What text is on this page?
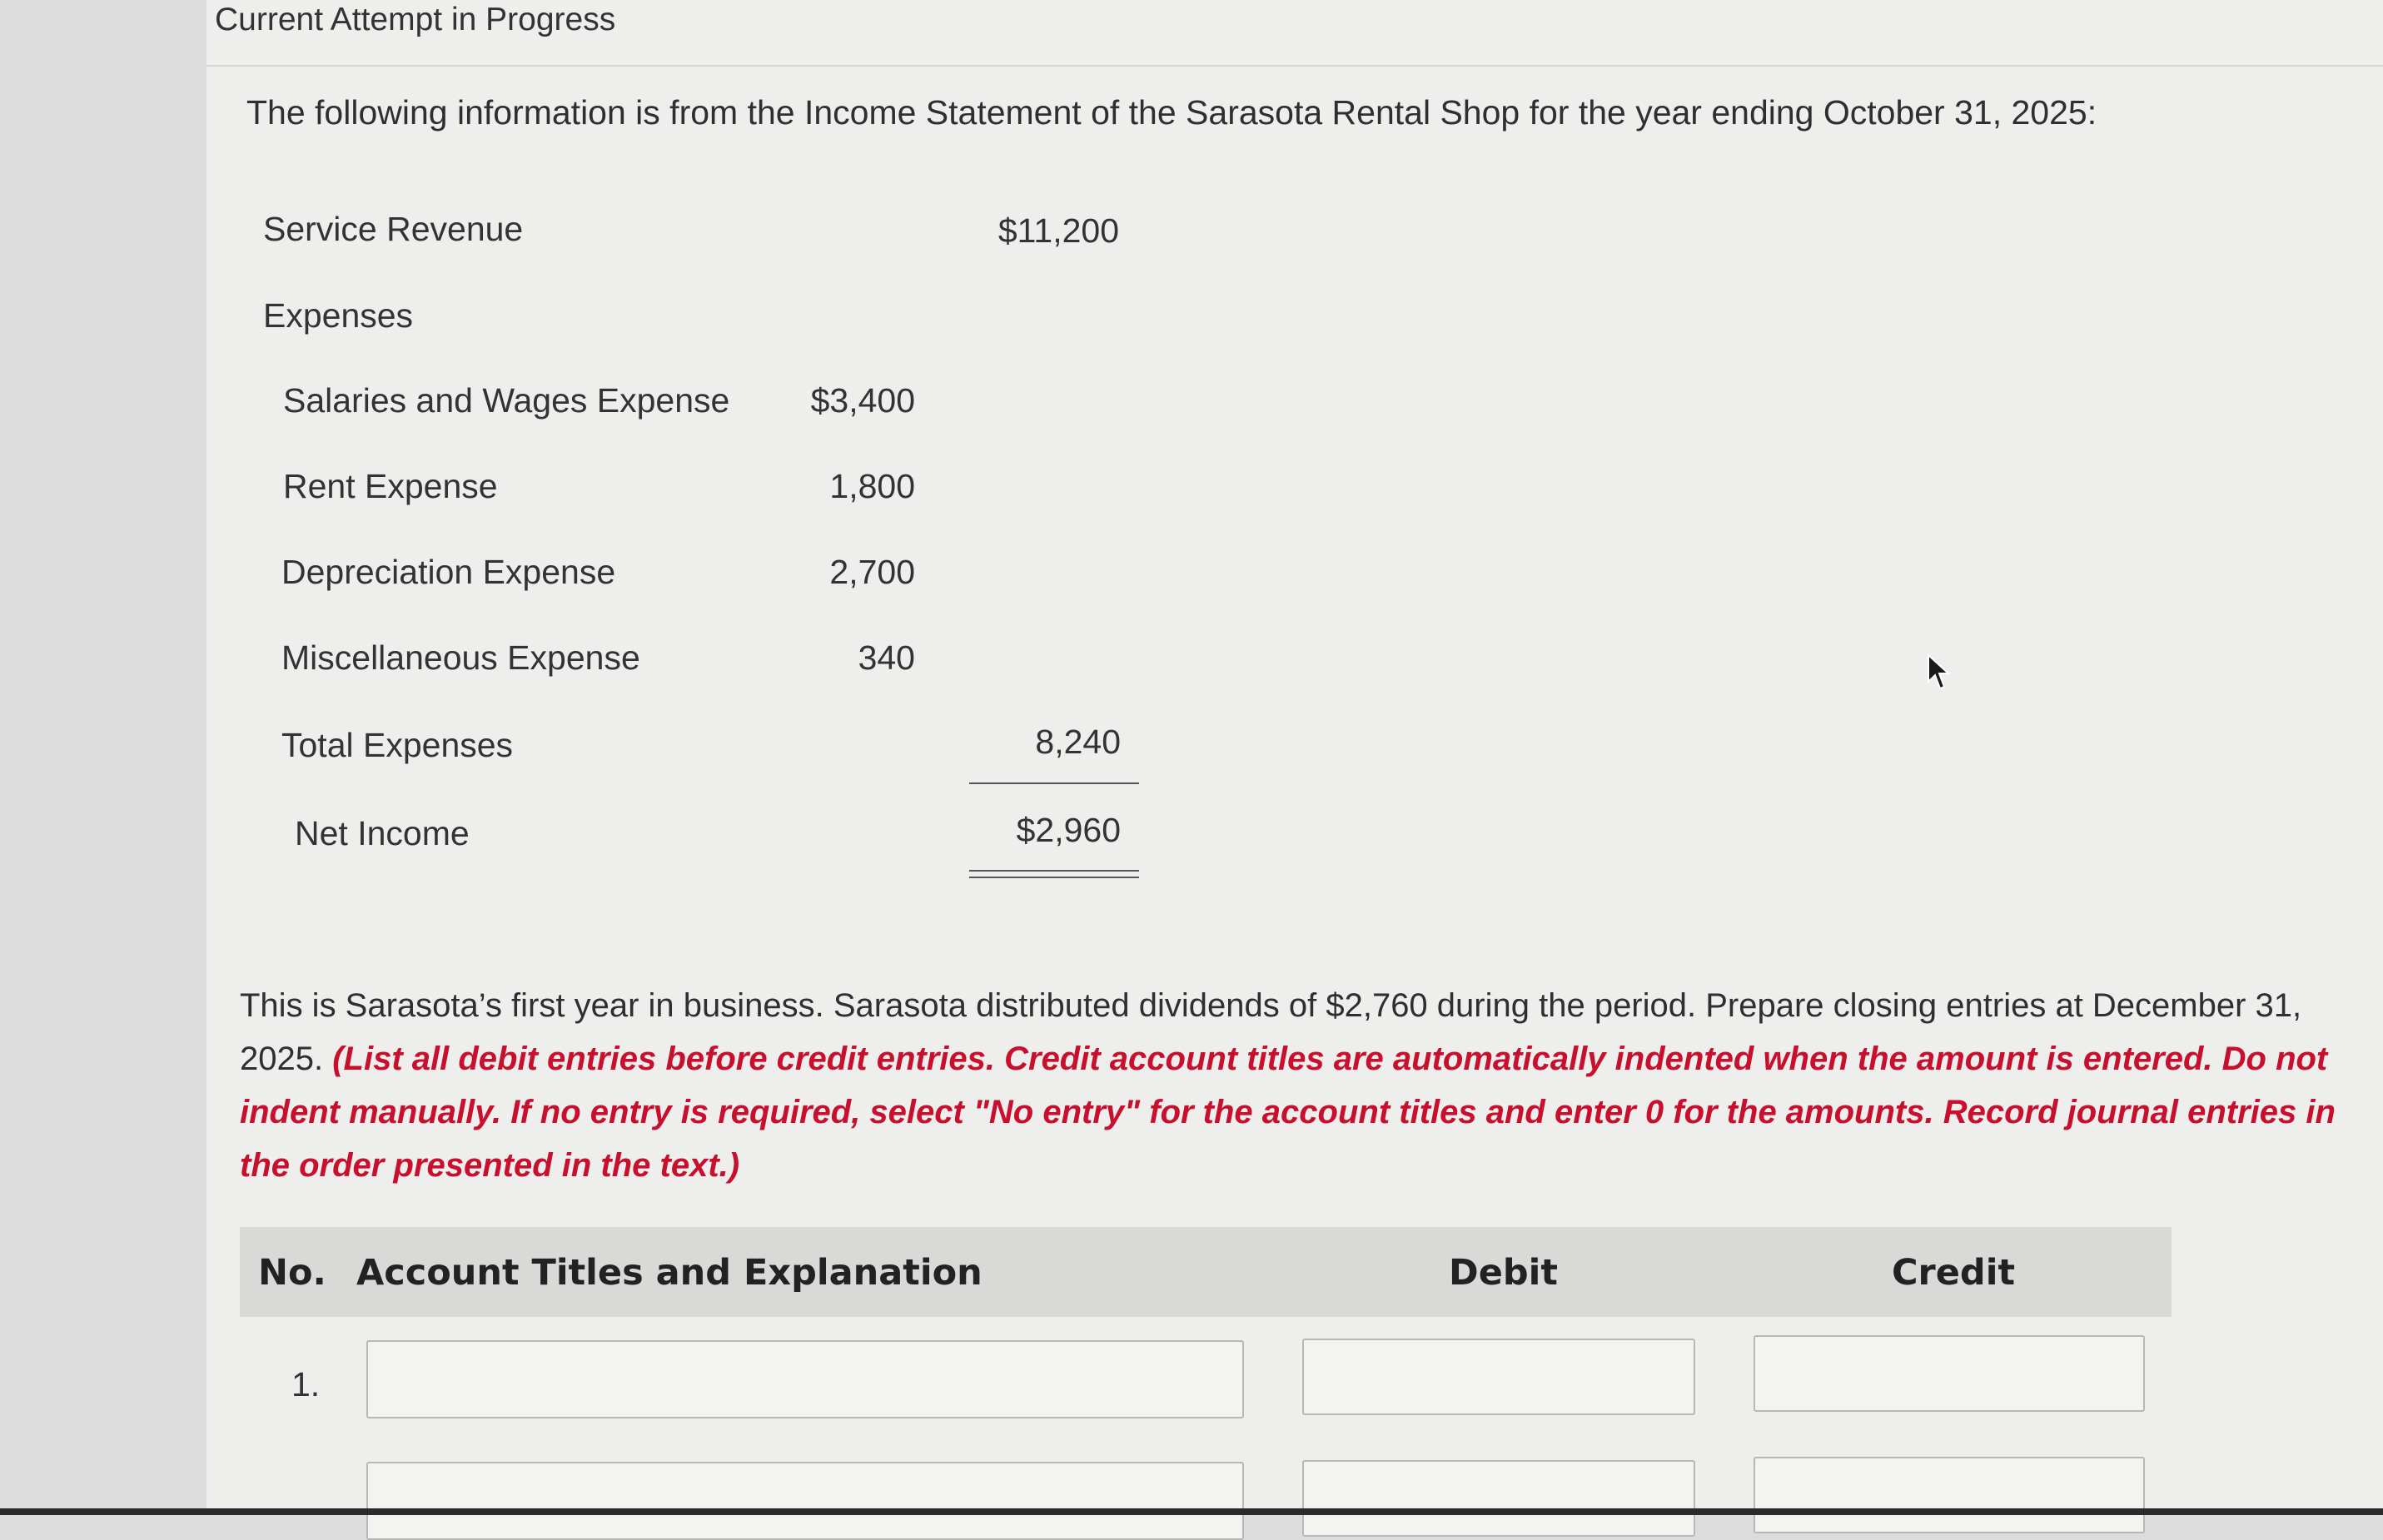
Current Attempt in Progress
The following information is from the Income Statement of the Sarasota Rental Shop for the year ending October 31, 2025:
Service Revenue	$11,200
Expenses
Salaries and Wages Expense	$3,400
Rent Expense	1,800
Depreciation Expense	2,700
Miscellaneous Expense	340
Total Expenses	8,240
Net Income	$2,960
This is Sarasota’s first year in business. Sarasota distributed dividends of $2,760 during the period. Prepare closing entries at December 31, 2025. (List all debit entries before credit entries. Credit account titles are automatically indented when the amount is entered. Do not indent manually. If no entry is required, select "No entry" for the account titles and enter 0 for the amounts. Record journal entries in the order presented in the text.)
No. Account Titles and Explanation	Debit	Credit
1.
